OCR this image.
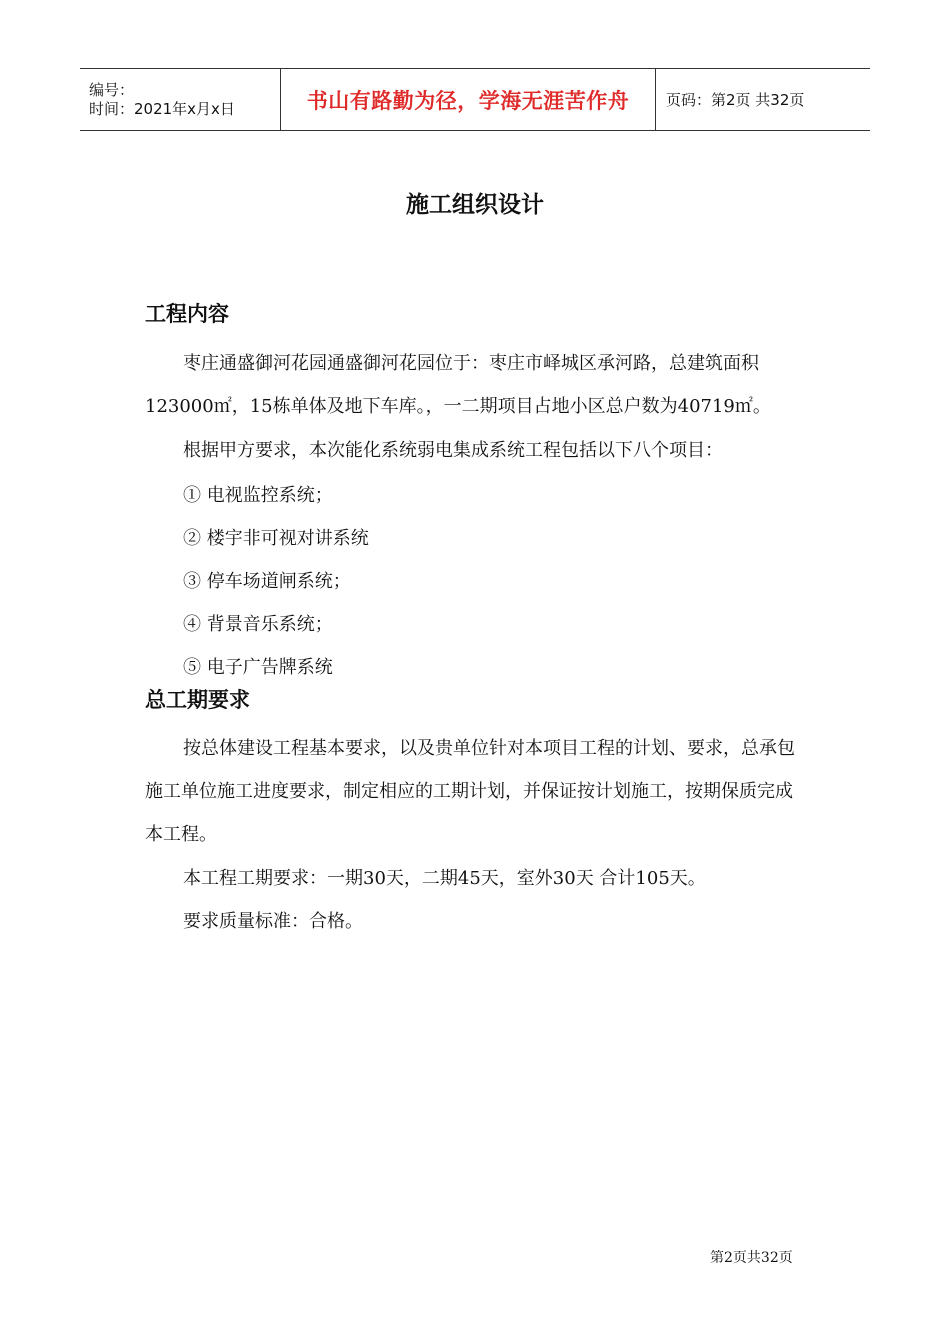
编号：
时间：2021年x月x日	书山有路勤为径，学海无涯苦作舟	页码：第2页 共32页
施工组织设计
工程内容
枣庄通盛御河花园通盛御河花园位于：枣庄市峄城区承河路，总建筑面积123000㎡，15栋单体及地下车库。，一二期项目占地小区总户数为40719㎡。
根据甲方要求，本次能化系统弱电集成系统工程包括以下八个项目：
① 电视监控系统；
② 楼宇非可视对讲系统
③ 停车场道闸系统；
④ 背景音乐系统；
⑤ 电子广告牌系统
总工期要求
按总体建设工程基本要求，以及贵单位针对本项目工程的计划、要求，总承包施工单位施工进度要求，制定相应的工期计划，并保证按计划施工，按期保质完成本工程。
本工程工期要求：一期30天，二期45天，室外30天 合计105天。
要求质量标准：合格。
第2页共32页
